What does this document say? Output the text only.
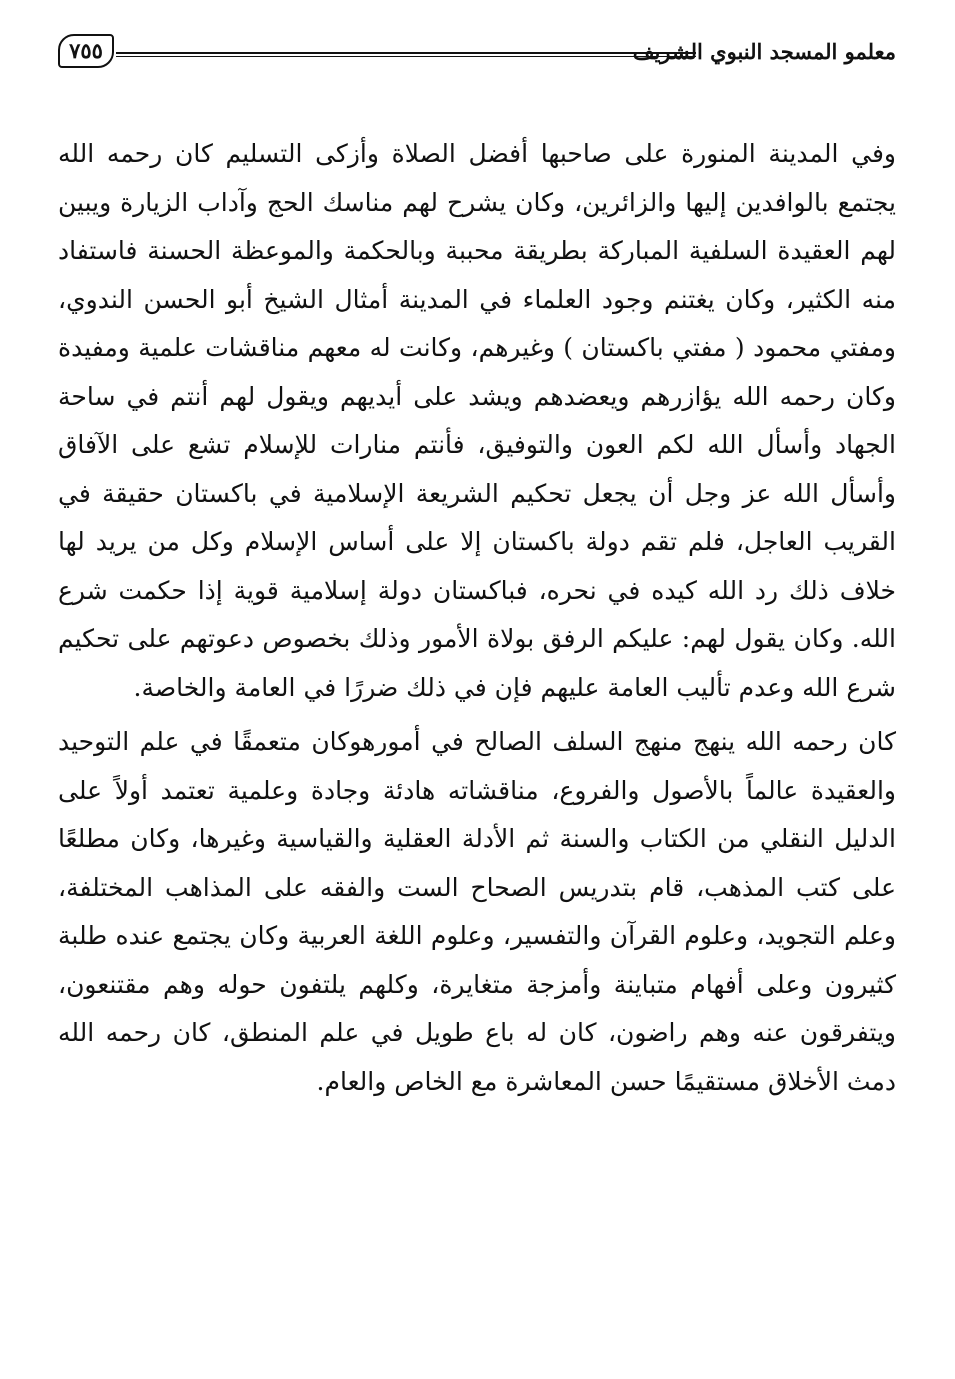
معلمو المسجد النبوي الشريف
٧٥٥

وفي المدينة المنورة على صاحبها أفضل الصلاة وأزكى التسليم كان رحمه الله يجتمع بالوافدين إليها والزائرين، وكان يشرح لهم مناسك الحج وآداب الزيارة ويبين لهم العقيدة السلفية المباركة بطريقة محببة وبالحكمة والموعظة الحسنة فاستفاد منه الكثير، وكان يغتنم وجود العلماء في المدينة أمثال الشيخ أبو الحسن الندوي، ومفتي محمود ( مفتي باكستان ) وغيرهم، وكانت له معهم مناقشات علمية ومفيدة وكان رحمه الله يؤازرهم ويعضدهم ويشد على أيديهم ويقول لهم أنتم في ساحة الجهاد وأسأل الله لكم العون والتوفيق، فأنتم منارات للإسلام تشع على الآفاق وأسأل الله عز وجل أن يجعل تحكيم الشريعة الإسلامية في باكستان حقيقة في القريب العاجل، فلم تقم دولة باكستان إلا على أساس الإسلام وكل من يريد لها خلاف ذلك رد الله كيده في نحره، فباكستان دولة إسلامية قوية إذا حكمت شرع الله. وكان يقول لهم: عليكم الرفق بولاة الأمور وذلك بخصوص دعوتهم على تحكيم شرع الله وعدم تأليب العامة عليهم فإن في ذلك ضررًا في العامة والخاصة.

كان رحمه الله ينهج منهج السلف الصالح في أمورهوكان متعمقًا في علم التوحيد والعقيدة عالماً بالأصول والفروع، مناقشاته هادئة وجادة وعلمية تعتمد أولاً على الدليل النقلي من الكتاب والسنة ثم الأدلة العقلية والقياسية وغيرها، وكان مطلعًا على كتب المذهب، قام بتدريس الصحاح الست والفقه على المذاهب المختلفة، وعلم التجويد، وعلوم القرآن والتفسير، وعلوم اللغة العربية وكان يجتمع عنده طلبة كثيرون وعلى أفهام متباينة وأمزجة متغايرة، وكلهم يلتفون حوله وهم مقتنعون، ويتفرقون عنه وهم راضون، كان له باع طويل في علم المنطق، كان رحمه الله دمث الأخلاق مستقيمًا حسن المعاشرة مع الخاص والعام.
